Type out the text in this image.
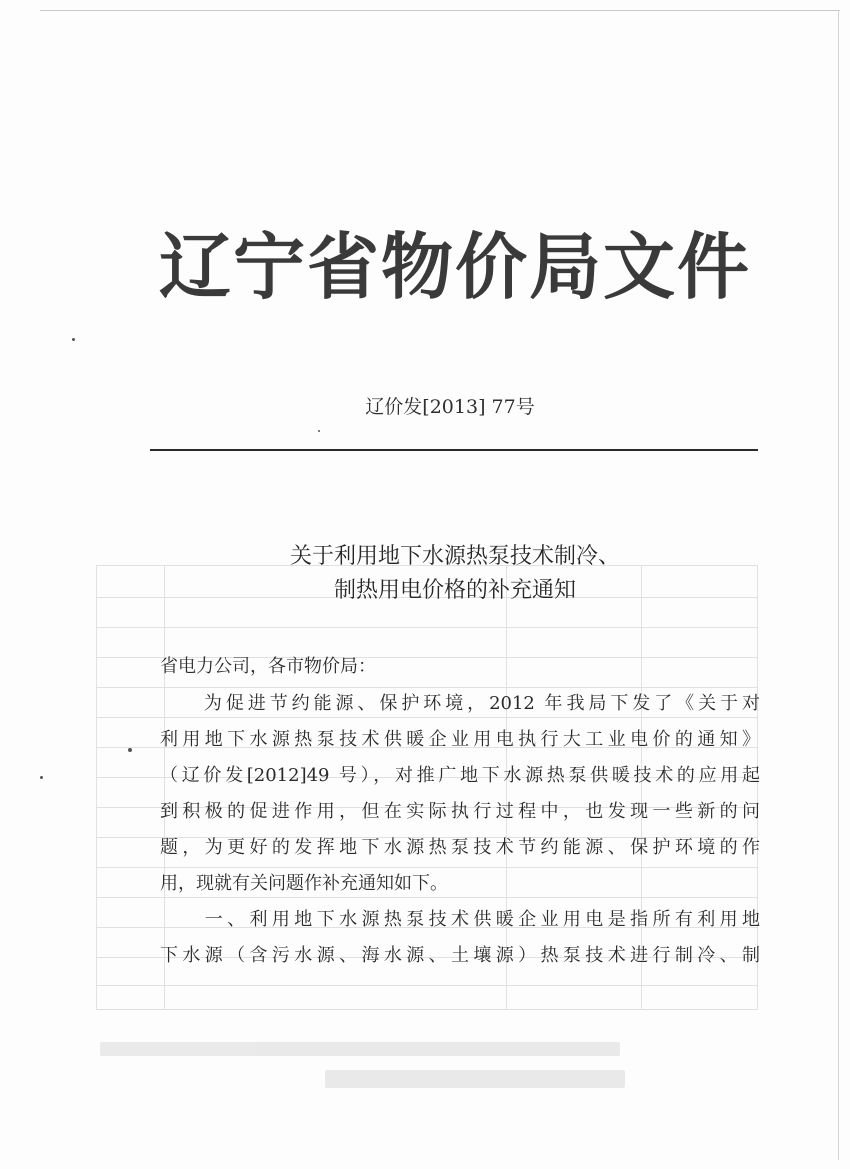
辽宁省物价局文件
辽价发[2013] 77号
关于利用地下水源热泵技术制冷、
制热用电价格的补充通知
省电力公司，各市物价局：
　　为促进节约能源、保护环境，2012 年我局下发了《关于对
利用地下水源热泵技术供暖企业用电执行大工业电价的通知》
（辽价发[2012]49 号），对推广地下水源热泵供暖技术的应用起
到积极的促进作用，但在实际执行过程中，也发现一些新的问
题，为更好的发挥地下水源热泵技术节约能源、保护环境的作
用，现就有关问题作补充通知如下。
　　一、利用地下水源热泵技术供暖企业用电是指所有利用地
下水源（含污水源、海水源、土壤源）热泵技术进行制冷、制
